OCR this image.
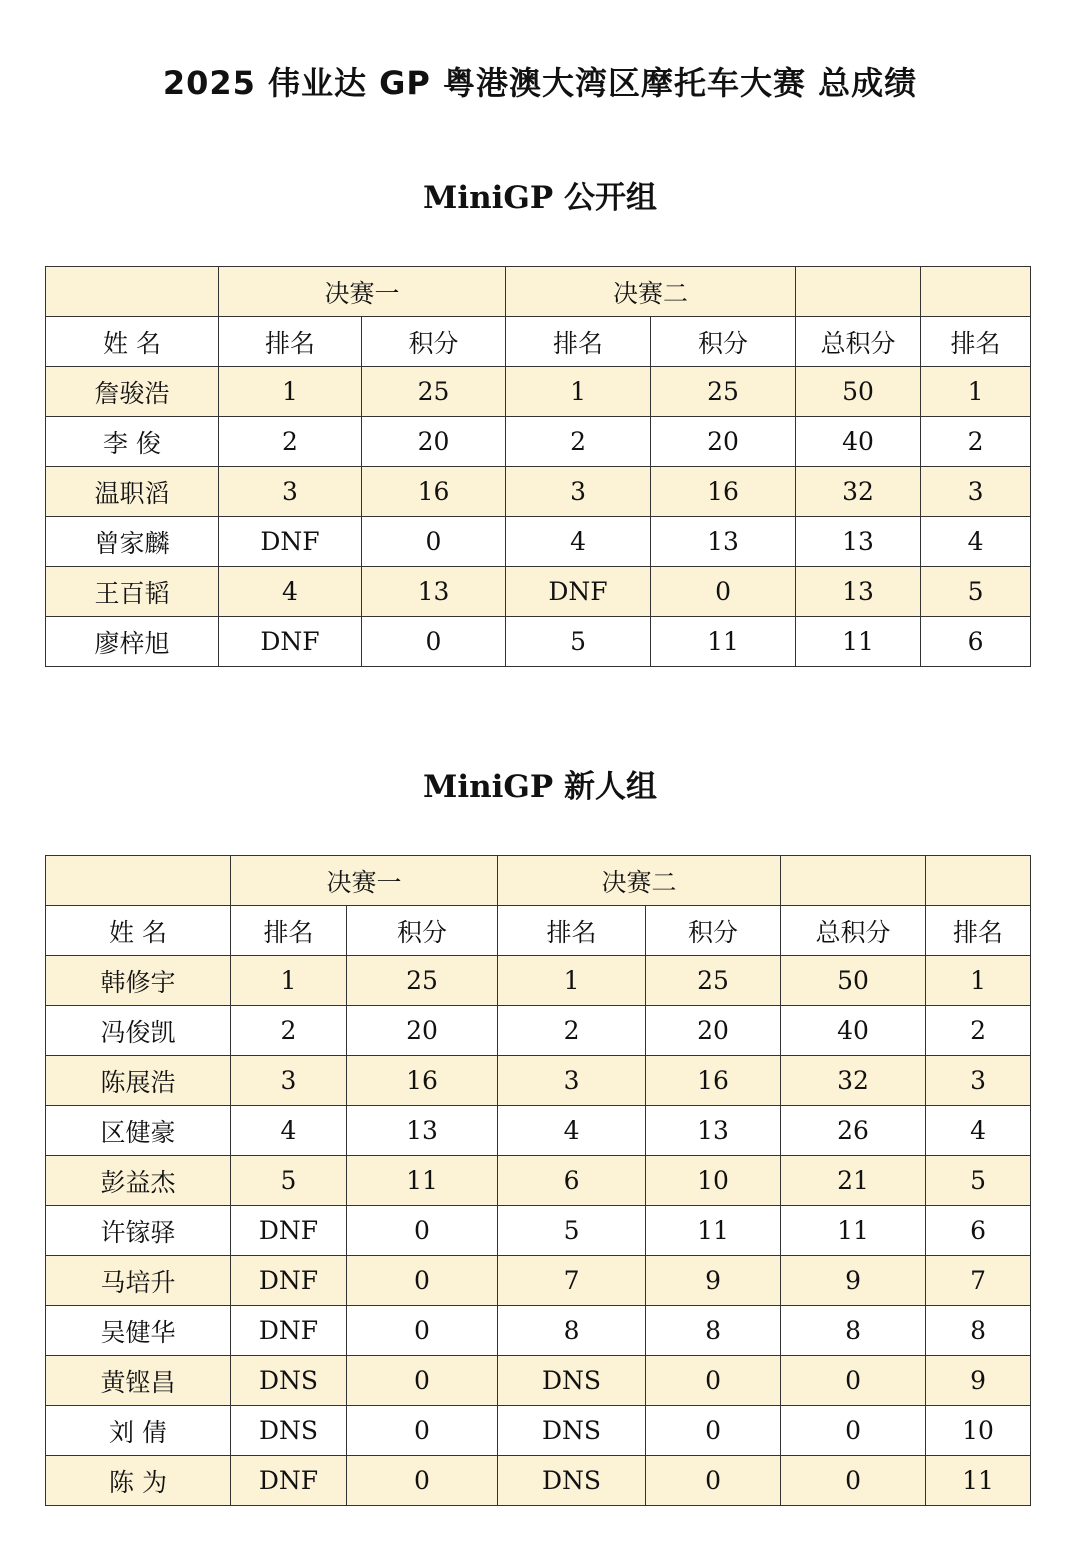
2025 伟业达 GP 粤港澳大湾区摩托车大赛 总成绩
MiniGP 公开组
	决赛一		决赛二			
姓 名	排名	积分	排名	积分	总积分	排名
詹骏浩	1	25	1	25	50	1
李 俊	2	20	2	20	40	2
温职滔	3	16	3	16	32	3
曾家麟	DNF	0	4	13	13	4
王百韬	4	13	DNF	0	13	5
廖梓旭	DNF	0	5	11	11	6
MiniGP 新人组
	决赛一		决赛二			
姓 名	排名	积分	排名	积分	总积分	排名
韩修宇	1	25	1	25	50	1
冯俊凯	2	20	2	20	40	2
陈展浩	3	16	3	16	32	3
区健豪	4	13	4	13	26	4
彭益杰	5	11	6	10	21	5
许镓驿	DNF	0	5	11	11	6
马培升	DNF	0	7	9	9	7
吴健华	DNF	0	8	8	8	8
黄铿昌	DNS	0	DNS	0	0	9
刘 倩	DNS	0	DNS	0	0	10
陈 为	DNF	0	DNS	0	0	11
